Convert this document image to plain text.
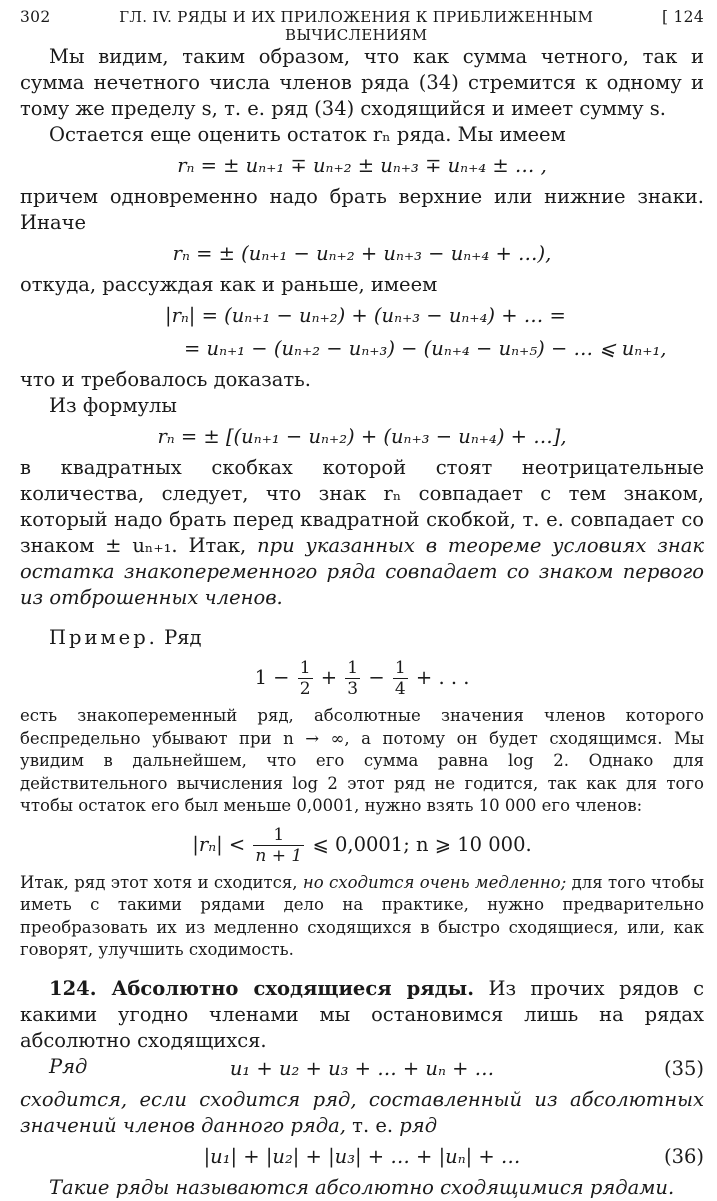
302	ГЛ. IV. РЯДЫ И ИХ ПРИЛОЖЕНИЯ К ПРИБЛИЖЕННЫМ ВЫЧИСЛЕНИЯМ
[ 124

Мы видим, таким образом, что как сумма четного, так и сумма нечетного числа членов ряда (34) стремится к одному и тому же пределу s, т. е. ряд (34) сходящийся и имеет сумму s.

Остается еще оценить остаток rₙ ряда. Мы имеем

rₙ = ± uₙ₊₁ ∓ uₙ₊₂ ± uₙ₊₃ ∓ uₙ₊₄ ± … ,

причем одновременно надо брать верхние или нижние знаки. Иначе

rₙ = ± (uₙ₊₁ − uₙ₊₂ + uₙ₊₃ − uₙ₊₄ + …),

откуда, рассуждая как и раньше, имеем

|rₙ| = (uₙ₊₁ − uₙ₊₂) + (uₙ₊₃ − uₙ₊₄) + … =
= uₙ₊₁ − (uₙ₊₂ − uₙ₊₃) − (uₙ₊₄ − uₙ₊₅) − … ⩽ uₙ₊₁,

что и требовалось доказать.

Из формулы

rₙ = ± [(uₙ₊₁ − uₙ₊₂) + (uₙ₊₃ − uₙ₊₄) + …],

в квадратных скобках которой стоят неотрицательные количества, следует, что знак rₙ совпадает с тем знаком, который надо брать перед квадратной скобкой, т. е. совпадает со знаком ± uₙ₊₁. Итак, при указанных в теореме условиях знак остатка знакопеременного ряда совпадает со знаком первого из отброшенных членов.

Пример. Ряд

$1 - \frac{1}{2} + \frac{1}{3} - \frac{1}{4}$ + . . .

есть знакопеременный ряд, абсолютные значения членов которого беспредельно убывают при n → ∞, а потому он будет сходящимся. Мы увидим в дальнейшем, что его сумма равна log 2. Однако для действительного вычисления log 2 этот ряд не годится, так как для того чтобы остаток его был меньше 0,0001, нужно взять 10 000 его членов:

$|r_n| < \frac{1}{n + 1}$ ⩽ 0,0001; n ⩾ 10 000.

Итак, ряд этот хотя и сходится, но сходится очень медленно; для того чтобы иметь с такими рядами дело на практике, нужно предварительно преобразовать их из медленно сходящихся в быстро сходящиеся, или, как говорят, улучшить сходимость.

124. Абсолютно сходящиеся ряды. Из прочих рядов с какими угодно членами мы остановимся лишь на рядах абсолютно сходящихся.

Ряд	u₁ + u₂ + u₃ + … + uₙ + …	(35)

сходится, если сходится ряд, составленный из абсолютных значений членов данного ряда, т. е. ряд

|u₁| + |u₂| + |u₃| + … + |uₙ| + …	(36)

Такие ряды называются абсолютно сходящимися рядами.
